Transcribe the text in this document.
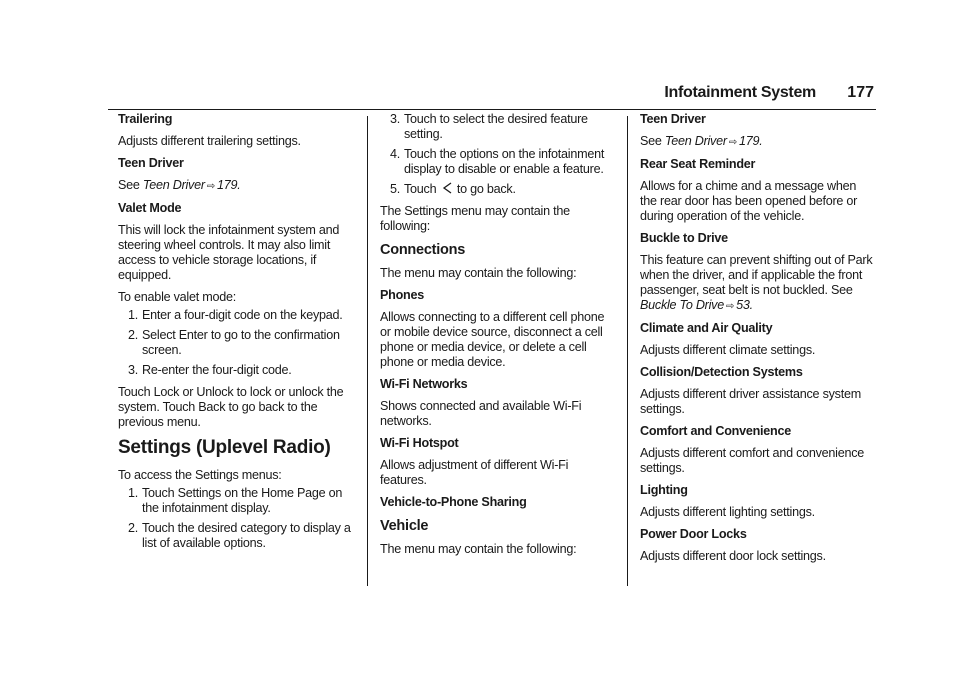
Infotainment System 177
Trailering
Adjusts different trailering settings.
Teen Driver
See Teen Driver ⇨ 179.
Valet Mode
This will lock the infotainment system and steering wheel controls. It may also limit access to vehicle storage locations, if equipped.
To enable valet mode:
1. Enter a four-digit code on the keypad.
2. Select Enter to go to the confirmation screen.
3. Re-enter the four-digit code.
Touch Lock or Unlock to lock or unlock the system. Touch Back to go back to the previous menu.
Settings (Uplevel Radio)
To access the Settings menus:
1. Touch Settings on the Home Page on the infotainment display.
2. Touch the desired category to display a list of available options.
3. Touch to select the desired feature setting.
4. Touch the options on the infotainment display to disable or enable a feature.
5. Touch to go back.
The Settings menu may contain the following:
Connections
The menu may contain the following:
Phones
Allows connecting to a different cell phone or mobile device source, disconnect a cell phone or media device, or delete a cell phone or media device.
Wi-Fi Networks
Shows connected and available Wi-Fi networks.
Wi-Fi Hotspot
Allows adjustment of different Wi-Fi features.
Vehicle-to-Phone Sharing
Vehicle
The menu may contain the following:
Teen Driver
See Teen Driver ⇨ 179.
Rear Seat Reminder
Allows for a chime and a message when the rear door has been opened before or during operation of the vehicle.
Buckle to Drive
This feature can prevent shifting out of Park when the driver, and if applicable the front passenger, seat belt is not buckled. See Buckle To Drive ⇨ 53.
Climate and Air Quality
Adjusts different climate settings.
Collision/Detection Systems
Adjusts different driver assistance system settings.
Comfort and Convenience
Adjusts different comfort and convenience settings.
Lighting
Adjusts different lighting settings.
Power Door Locks
Adjusts different door lock settings.
